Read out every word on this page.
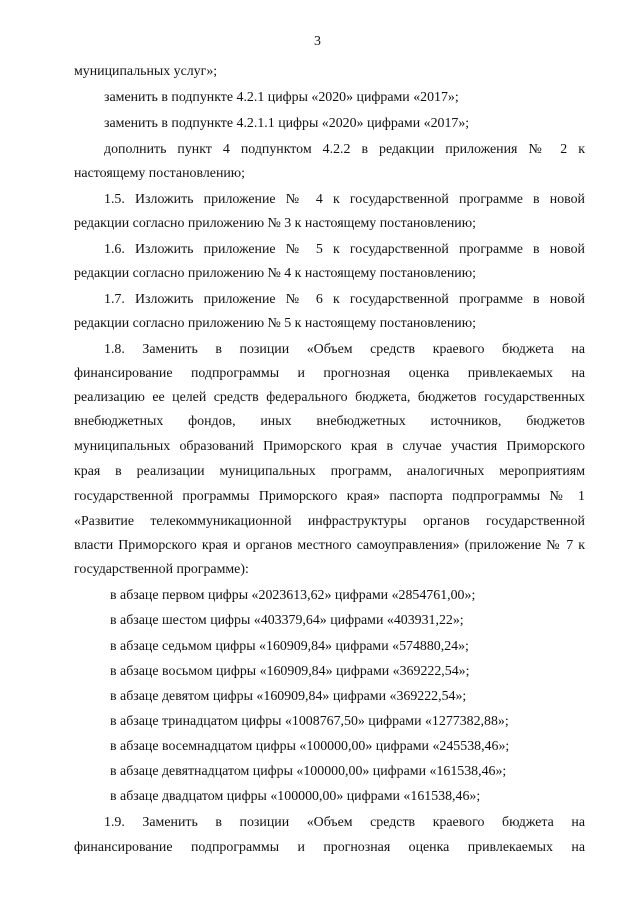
3
муниципальных услуг»;
заменить в подпункте 4.2.1 цифры «2020» цифрами «2017»;
заменить в подпункте 4.2.1.1 цифры «2020» цифрами «2017»;
дополнить пункт 4 подпунктом 4.2.2 в редакции приложения № 2 к
настоящему постановлению;
1.5. Изложить приложение № 4 к государственной программе в новой
редакции согласно приложению № 3 к настоящему постановлению;
1.6. Изложить приложение № 5 к государственной программе в новой
редакции согласно приложению № 4 к настоящему постановлению;
1.7. Изложить приложение № 6 к государственной программе в новой
редакции согласно приложению № 5 к настоящему постановлению;
1.8. Заменить в позиции «Объем средств краевого бюджета на
финансирование подпрограммы и прогнозная оценка привлекаемых на
реализацию ее целей средств федерального бюджета, бюджетов государственных
внебюджетных фондов, иных внебюджетных источников, бюджетов
муниципальных образований Приморского края в случае участия Приморского
края в реализации муниципальных программ, аналогичных мероприятиям
государственной программы Приморского края» паспорта подпрограммы № 1
«Развитие телекоммуникационной инфраструктуры органов государственной
власти Приморского края и органов местного самоуправления» (приложение № 7 к
государственной программе):
в абзаце первом цифры «2023613,62» цифрами «2854761,00»;
в абзаце шестом цифры «403379,64» цифрами «403931,22»;
в абзаце седьмом цифры «160909,84» цифрами «574880,24»;
в абзаце восьмом цифры «160909,84» цифрами «369222,54»;
в абзаце девятом цифры «160909,84» цифрами «369222,54»;
в абзаце тринадцатом цифры «1008767,50» цифрами «1277382,88»;
в абзаце восемнадцатом цифры «100000,00» цифрами «245538,46»;
в абзаце девятнадцатом цифры «100000,00» цифрами «161538,46»;
в абзаце двадцатом цифры «100000,00» цифрами «161538,46»;
1.9. Заменить в позиции «Объем средств краевого бюджета на
финансирование подпрограммы и прогнозная оценка привлекаемых на
